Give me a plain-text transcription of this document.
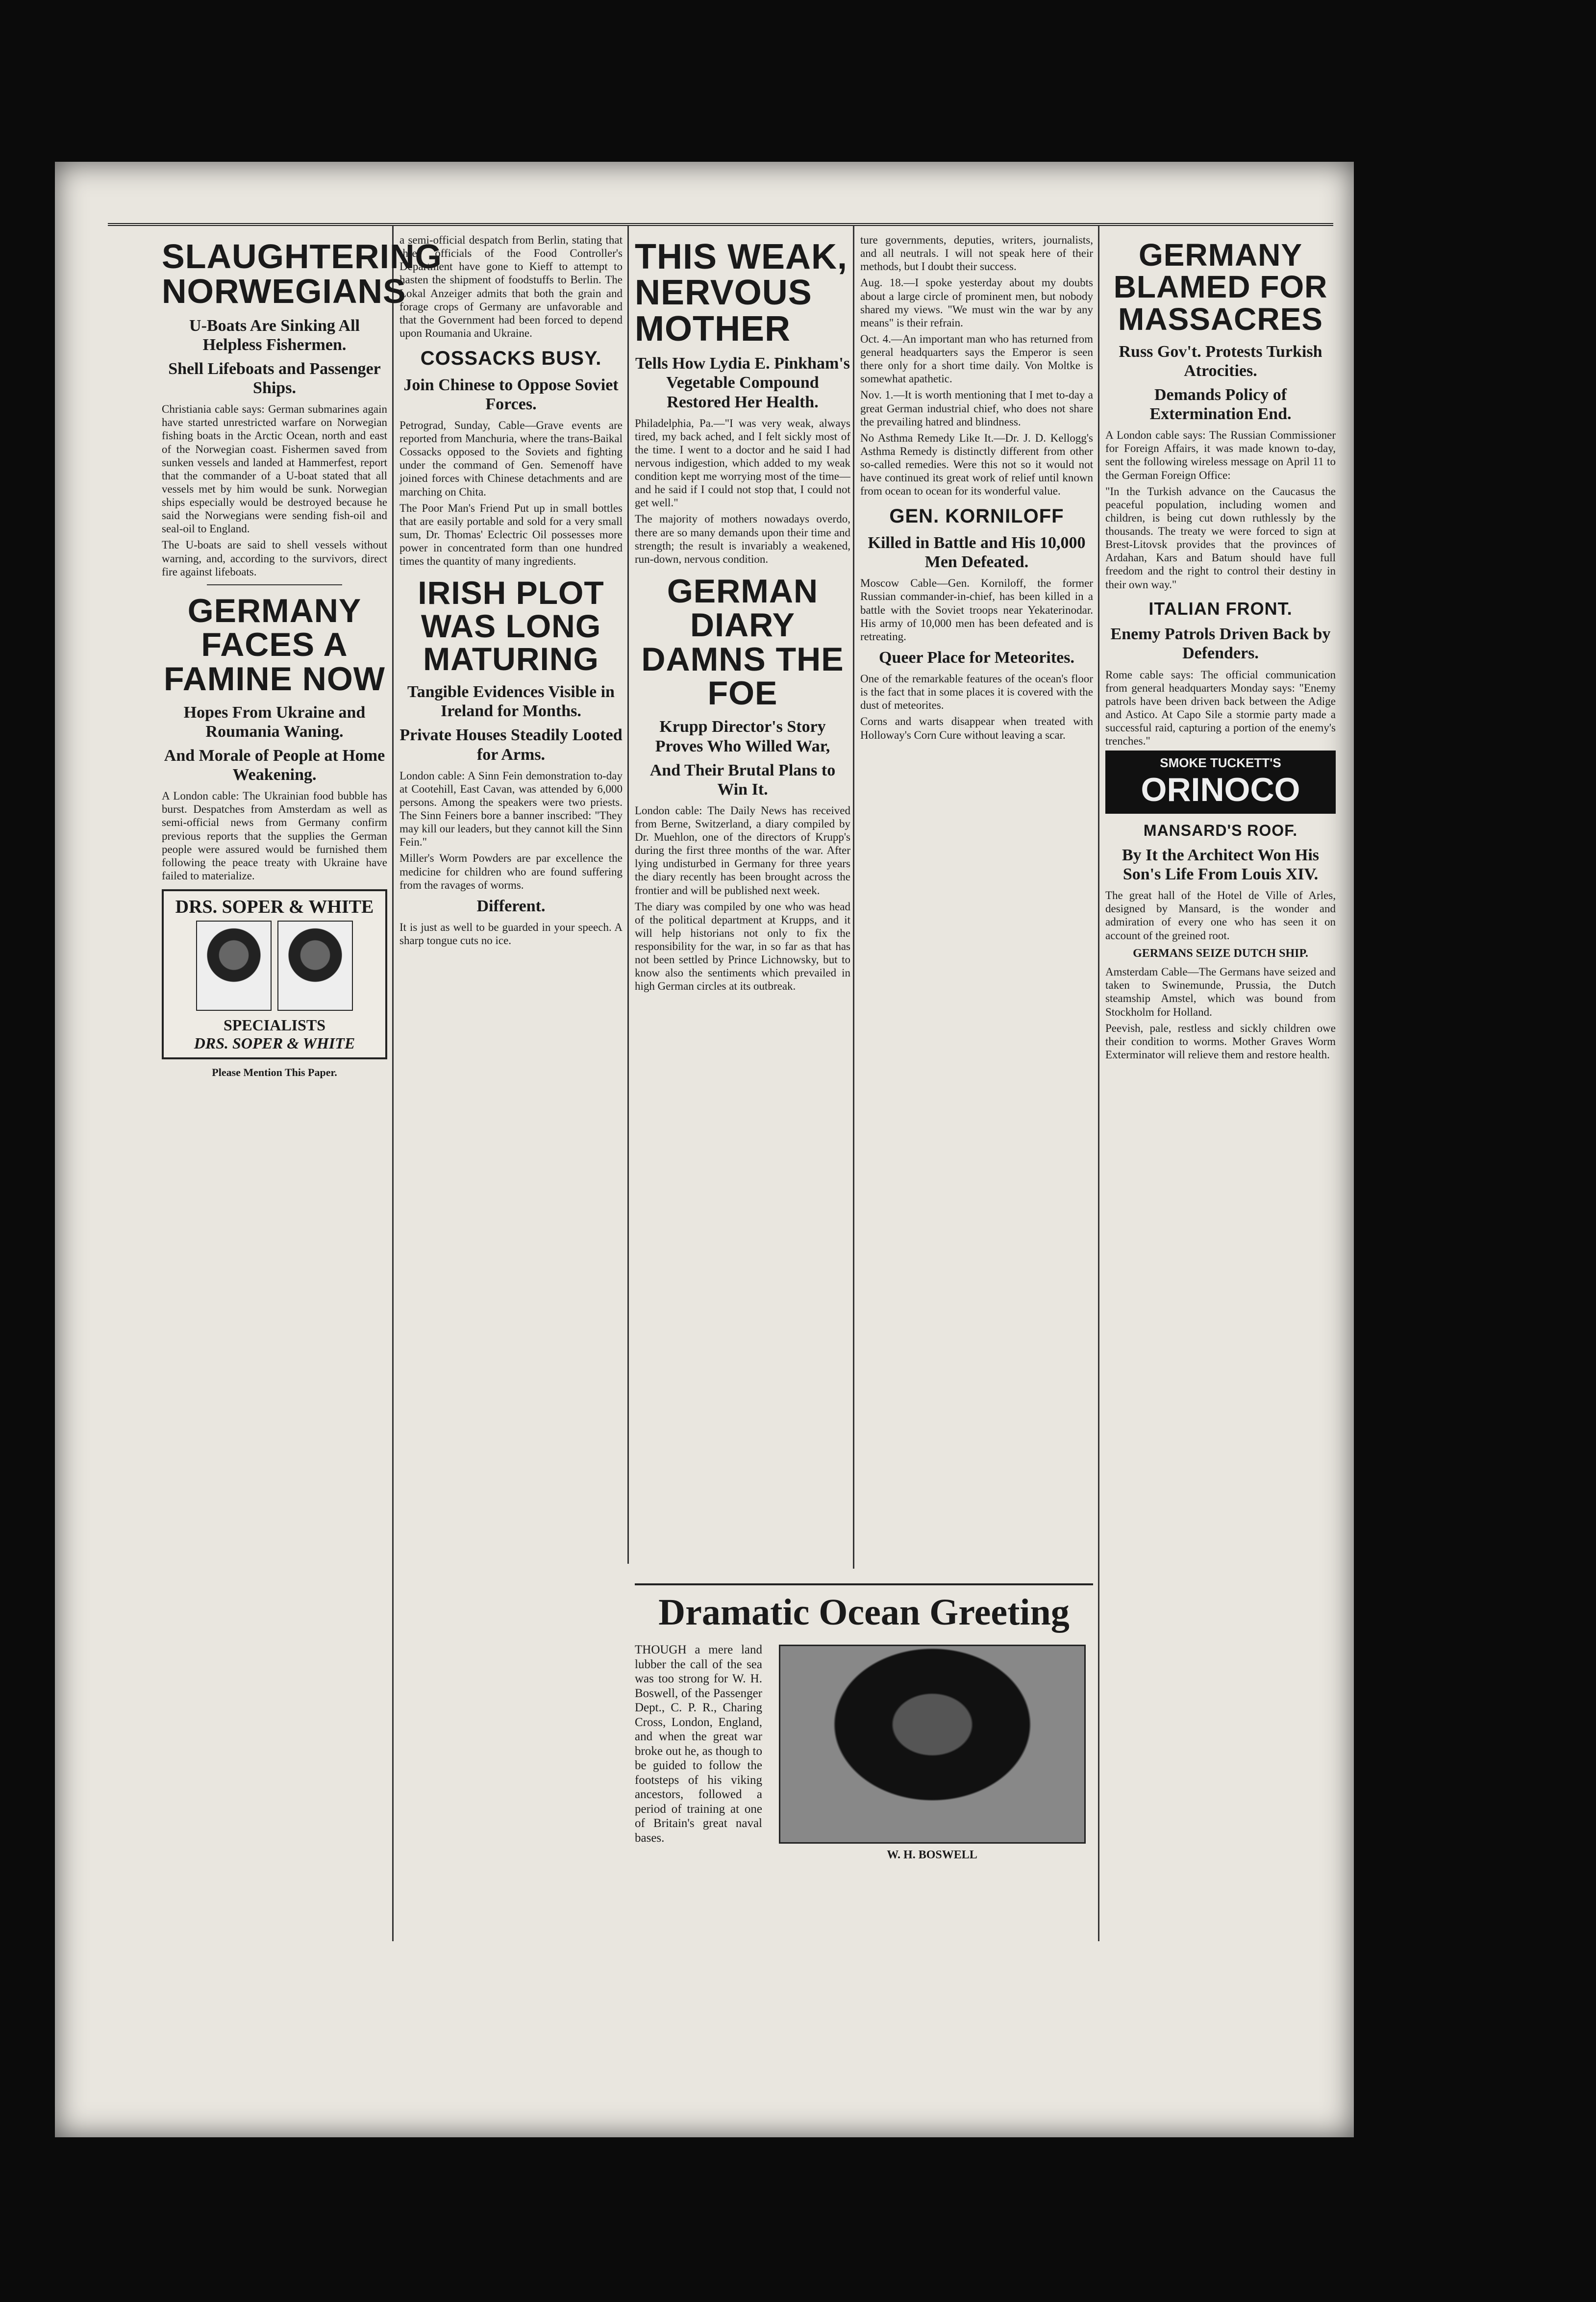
SLAUGHTERING NORWEGIANS
U-Boats Are Sinking All Helpless Fishermen.
Shell Lifeboats and Passenger Ships.

Christiania cable says: German submarines again have started unrestricted warfare on Norwegian fishing boats in the Arctic Ocean, north and east of the Norwegian coast. Fishermen saved from sunken vessels and landed at Hammerfest, report that the commander of a U-boat stated that all vessels met by him would be sunk. Norwegian ships especially would be destroyed because he said the Norwegians were sending fish-oil and seal-oil to England.

The U-boats are said to shell vessels without warning, and, according to the survivors, direct fire against lifeboats.

GERMANY FACES A FAMINE NOW
Hopes From Ukraine and Roumania Waning.
And Morale of People at Home Weakening.

A London cable: The Ukrainian food bubble has burst. Despatches from Amsterdam as well as semi-official news from Germany confirm previous reports that the supplies the German people were assured would be furnished them following the peace treaty with Ukraine have failed to materialize.

DRS. SOPER & WHITE
SPECIALISTS
DRS. SOPER & WHITE
Please Mention This Paper.

a semi-official despatch from Berlin, stating that three officials of the Food Controller's Department have gone to Kieff to attempt to hasten the shipment of foodstuffs to Berlin. The Lokal Anzeiger admits that both the grain and forage crops of Germany are unfavorable and that the Government had been forced to depend upon Roumania and Ukraine.

COSSACKS BUSY.
Join Chinese to Oppose Soviet Forces.

Petrograd, Sunday, Cable—Grave events are reported from Manchuria, where the trans-Baikal Cossacks opposed to the Soviets and fighting under the command of Gen. Semenoff have joined forces with Chinese detachments and are marching on Chita.

The Poor Man's Friend Put up in small bottles that are easily portable and sold for a very small sum, Dr. Thomas' Eclectric Oil possesses more power in concentrated form than one hundred times the quantity of many ingredients.

IRISH PLOT WAS LONG MATURING
Tangible Evidences Visible in Ireland for Months.
Private Houses Steadily Looted for Arms.

London cable: A Sinn Fein demonstration to-day at Cootehill, East Cavan, was attended by 6,000 persons. Among the speakers were two priests. The Sinn Feiners bore a banner inscribed: "They may kill our leaders, but they cannot kill the Sinn Fein."

Miller's Worm Powders are par excellence the medicine for children who are found suffering from the ravages of worms.

Different.

It is just as well to be guarded in your speech. A sharp tongue cuts no ice.

THIS WEAK, NERVOUS MOTHER
Tells How Lydia E. Pinkham's Vegetable Compound Restored Her Health.

Philadelphia, Pa.—"I was very weak, always tired, my back ached, and I felt sickly most of the time. I went to a doctor and he said I had nervous indigestion, which added to my weak condition kept me worrying most of the time—and he said if I could not stop that, I could not get well."

The majority of mothers nowadays overdo, there are so many demands upon their time and strength; the result is invariably a weakened, run-down, nervous condition.

GERMAN DIARY DAMNS THE FOE
Krupp Director's Story Proves Who Willed War,
And Their Brutal Plans to Win It.

London cable: The Daily News has received from Berne, Switzerland, a diary compiled by Dr. Muehlon, one of the directors of Krupp's during the first three months of the war. After lying undisturbed in Germany for three years the diary recently has been brought across the frontier and will be published next week.

The diary was compiled by one who was head of the political department at Krupps, and it will help historians not only to fix the responsibility for the war, in so far as that has not been settled by Prince Lichnowsky, but to know also the sentiments which prevailed in high German circles at its outbreak.

ture governments, deputies, writers, journalists, and all neutrals. I will not speak here of their methods, but I doubt their success.

Aug. 18.—I spoke yesterday about my doubts about a large circle of prominent men, but nobody shared my views. "We must win the war by any means" is their refrain.

Oct. 4.—An important man who has returned from general headquarters says the Emperor is seen there only for a short time daily. Von Moltke is somewhat apathetic.

Nov. 1.—It is worth mentioning that I met to-day a great German industrial chief, who does not share the prevailing hatred and blindness.

No Asthma Remedy Like It.—Dr. J. D. Kellogg's Asthma Remedy is distinctly different from other so-called remedies. Were this not so it would not have continued its great work of relief until known from ocean to ocean for its wonderful value.

GEN. KORNILOFF
Killed in Battle and His 10,000 Men Defeated.

Moscow Cable—Gen. Korniloff, the former Russian commander-in-chief, has been killed in a battle with the Soviet troops near Yekaterinodar. His army of 10,000 men has been defeated and is retreating.

Queer Place for Meteorites.

One of the remarkable features of the ocean's floor is the fact that in some places it is covered with the dust of meteorites.

Corns and warts disappear when treated with Holloway's Corn Cure without leaving a scar.

Dramatic Ocean Greeting

THOUGH a mere land lubber the call of the sea was too strong for W. H. Boswell, of the Passenger Dept., C. P. R., Charing Cross, London, England, and when the great war broke out he, as though to be guided to follow the footsteps of his viking ancestors, followed a period of training at one of Britain's great naval bases.

W. H. BOSWELL
GERMANY BLAMED FOR MASSACRES
Russ Gov't. Protests Turkish Atrocities.
Demands Policy of Extermination End.

A London cable says: The Russian Commissioner for Foreign Affairs, it was made known to-day, sent the following wireless message on April 11 to the German Foreign Office:

"In the Turkish advance on the Caucasus the peaceful population, including women and children, is being cut down ruthlessly by the thousands. The treaty we were forced to sign at Brest-Litovsk provides that the provinces of Ardahan, Kars and Batum should have full freedom and the right to control their destiny in their own way."

ITALIAN FRONT.
Enemy Patrols Driven Back by Defenders.

Rome cable says: The official communication from general headquarters Monday says: "Enemy patrols have been driven back between the Adige and Astico. At Capo Sile a stormie party made a successful raid, capturing a portion of the enemy's trenches."

SMOKE TUCKETT'S
ORINOCO
MANSARD'S ROOF.
By It the Architect Won His Son's Life From Louis XIV.

The great hall of the Hotel de Ville of Arles, designed by Mansard, is the wonder and admiration of every one who has seen it on account of the greined root.

GERMANS SEIZE DUTCH SHIP.

Amsterdam Cable—The Germans have seized and taken to Swinemunde, Prussia, the Dutch steamship Amstel, which was bound from Stockholm for Holland.

Peevish, pale, restless and sickly children owe their condition to worms. Mother Graves Worm Exterminator will relieve them and restore health.
